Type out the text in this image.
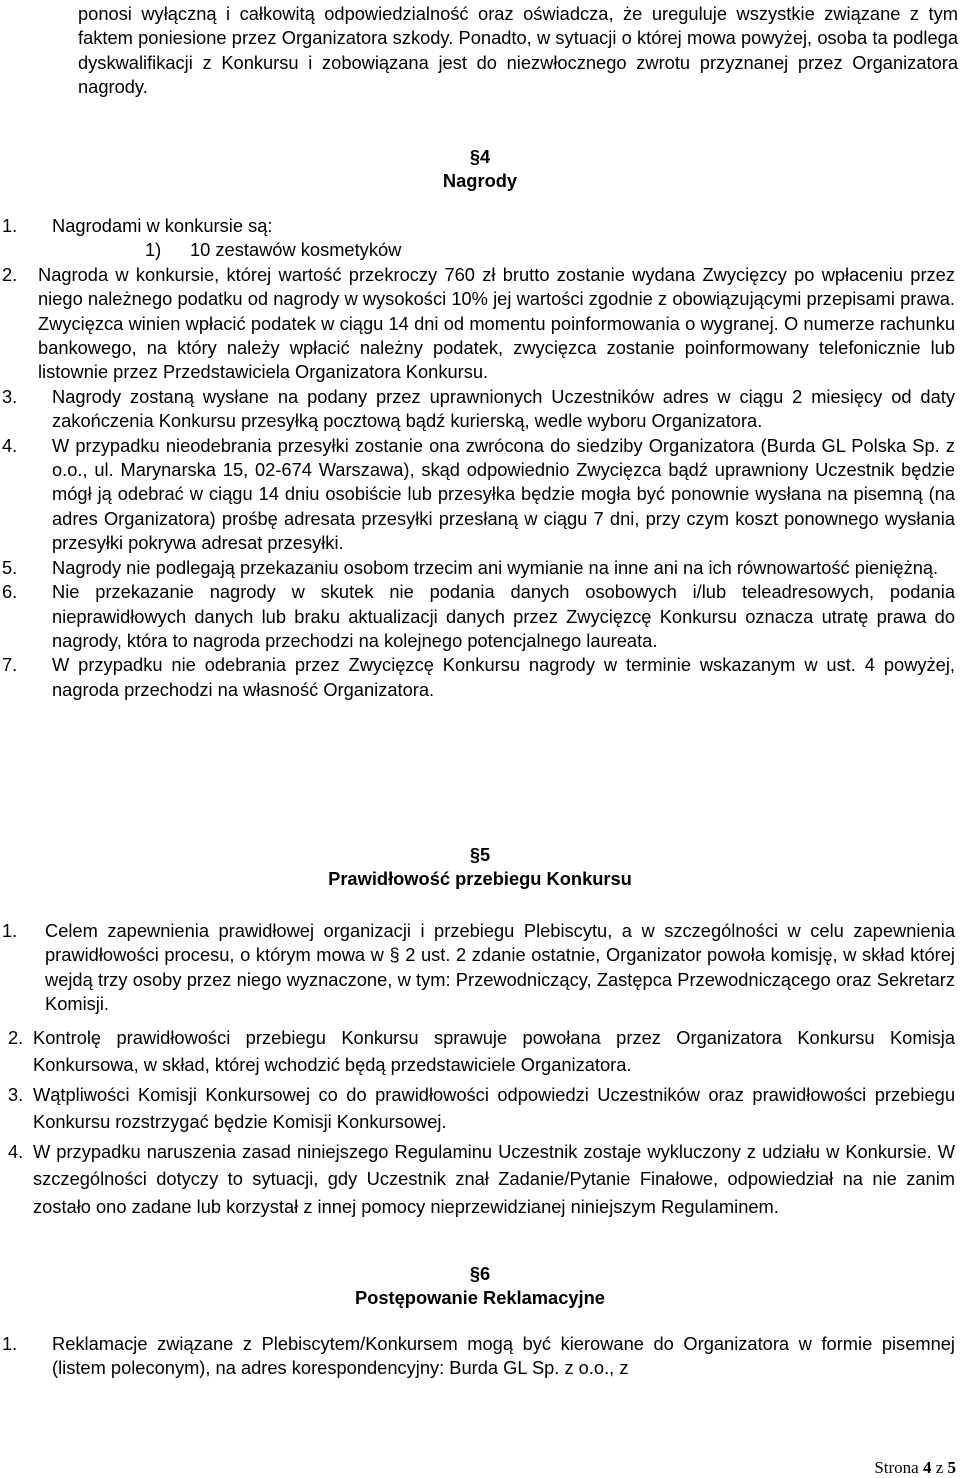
ponosi wyłączną i całkowitą odpowiedzialność oraz oświadcza, że ureguluje wszystkie związane z tym faktem poniesione przez Organizatora szkody. Ponadto, w sytuacji o której mowa powyżej, osoba ta podlega dyskwalifikacji z Konkursu i zobowiązana jest do niezwłocznego zwrotu przyznanej przez Organizatora nagrody.
§4
Nagrody
1. Nagrodami w konkursie są:
1) 10 zestawów kosmetyków
2. Nagroda w konkursie, której wartość przekroczy 760 zł brutto zostanie wydana Zwycięzcy po wpłaceniu przez niego należnego podatku od nagrody w wysokości 10% jej wartości zgodnie z obowiązującymi przepisami prawa. Zwycięzca winien wpłacić podatek w ciągu 14 dni od momentu poinformowania o wygranej. O numerze rachunku bankowego, na który należy wpłacić należny podatek, zwycięzca zostanie poinformowany telefonicznie lub listownie przez Przedstawiciela Organizatora Konkursu.
3. Nagrody zostaną wysłane na podany przez uprawnionych Uczestników adres w ciągu 2 miesięcy od daty zakończenia Konkursu przesyłką pocztową bądź kurierską, wedle wyboru Organizatora.
4. W przypadku nieodebrania przesyłki zostanie ona zwrócona do siedziby Organizatora (Burda GL Polska Sp. z o.o., ul. Marynarska 15, 02-674 Warszawa), skąd odpowiednio Zwycięzca bądź uprawniony Uczestnik będzie mógł ją odebrać w ciągu 14 dniu osobiście lub przesyłka będzie mogła być ponownie wysłana na pisemną (na adres Organizatora) prośbę adresata przesyłki przesłaną w ciągu 7 dni, przy czym koszt ponownego wysłania przesyłki pokrywa adresat przesyłki.
5. Nagrody nie podlegają przekazaniu osobom trzecim ani wymianie na inne ani na ich równowartość pieniężną.
6. Nie przekazanie nagrody w skutek nie podania danych osobowych i/lub teleadresowych, podania nieprawidłowych danych lub braku aktualizacji danych przez Zwycięzcę Konkursu oznacza utratę prawa do nagrody, która to nagroda przechodzi na kolejnego potencjalnego laureata.
7. W przypadku nie odebrania przez Zwycięzcę Konkursu nagrody w terminie wskazanym w ust. 4 powyżej, nagroda przechodzi na własność Organizatora.
§5
Prawidłowość przebiegu Konkursu
1. Celem zapewnienia prawidłowej organizacji i przebiegu Plebiscytu, a w szczególności w celu zapewnienia prawidłowości procesu, o którym mowa w § 2 ust. 2 zdanie ostatnie, Organizator powoła komisję, w skład której wejdą trzy osoby przez niego wyznaczone, w tym: Przewodniczący, Zastępca Przewodniczącego oraz Sekretarz Komisji.
2. Kontrolę prawidłowości przebiegu Konkursu sprawuje powołana przez Organizatora Konkursu Komisja Konkursowa, w skład, której wchodzić będą przedstawiciele Organizatora.
3. Wątpliwości Komisji Konkursowej co do prawidłowości odpowiedzi Uczestników oraz prawidłowości przebiegu Konkursu rozstrzygać będzie Komisji Konkursowej.
4. W przypadku naruszenia zasad niniejszego Regulaminu Uczestnik zostaje wykluczony z udziału w Konkursie. W szczególności dotyczy to sytuacji, gdy Uczestnik znał Zadanie/Pytanie Finałowe, odpowiedział na nie zanim zostało ono zadane lub korzystał z innej pomocy nieprzewidzianej niniejszym Regulaminem.
§6
Postępowanie Reklamacyjne
1. Reklamacje związane z Plebiscytem/Konkursem mogą być kierowane do Organizatora w formie pisemnej (listem poleconym), na adres korespondencyjny: Burda GL Sp. z o.o., z
Strona 4 z 5
